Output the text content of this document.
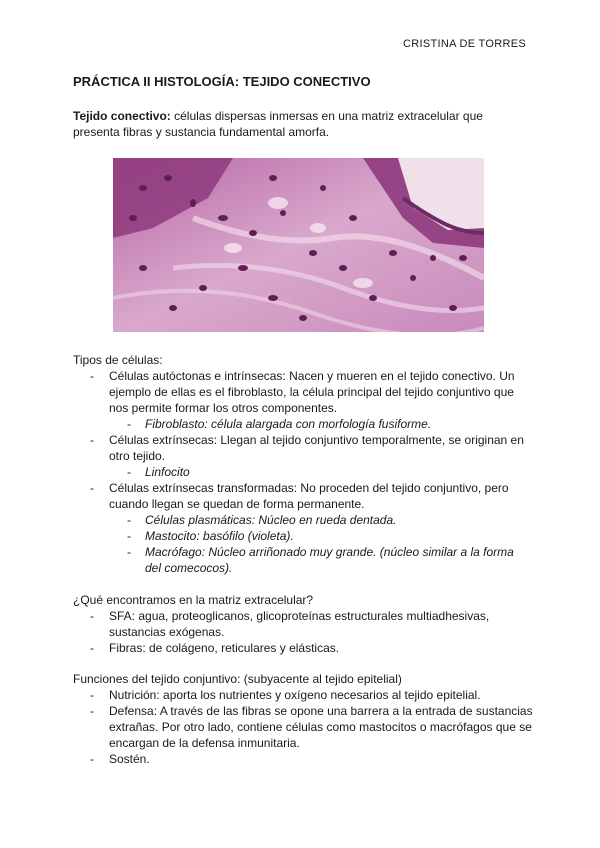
CRISTINA DE TORRES
PRÁCTICA II HISTOLOGÍA: TEJIDO CONECTIVO
Tejido conectivo: células dispersas inmersas en una matriz extracelular que presenta fibras y sustancia fundamental amorfa.

Tipos de células:

- Células autóctonas e intrínsecas: Nacen y mueren en el tejido conectivo. Un ejemplo de ellas es el fibroblasto, la célula principal del tejido conjuntivo que nos permite formar los otros componentes.
- Fibroblasto: célula alargada con morfología fusiforme.
- Células extrínsecas: Llegan al tejido conjuntivo temporalmente, se originan en otro tejido.
- Linfocito
- Células extrínsecas transformadas: No proceden del tejido conjuntivo, pero cuando llegan se quedan de forma permanente.
- Células plasmáticas: Núcleo en rueda dentada.
- Mastocito: basófilo (violeta).
- Macrófago: Núcleo arriñonado muy grande. (núcleo similar a la forma del comecocos).

¿Qué encontramos en la matriz extracelular?

- SFA: agua, proteoglicanos, glicoproteínas estructurales multiadhesivas, sustancias exógenas.
- Fibras: de colágeno, reticulares y elásticas.

Funciones del tejido conjuntivo: (subyacente al tejido epitelial)

- Nutrición: aporta los nutrientes y oxígeno necesarios al tejido epitelial.
- Defensa: A través de las fibras se opone una barrera a la entrada de sustancias extrañas. Por otro lado, contiene células como mastocitos o macrófagos que se encargan de la defensa inmunitaria.
- Sostén.
